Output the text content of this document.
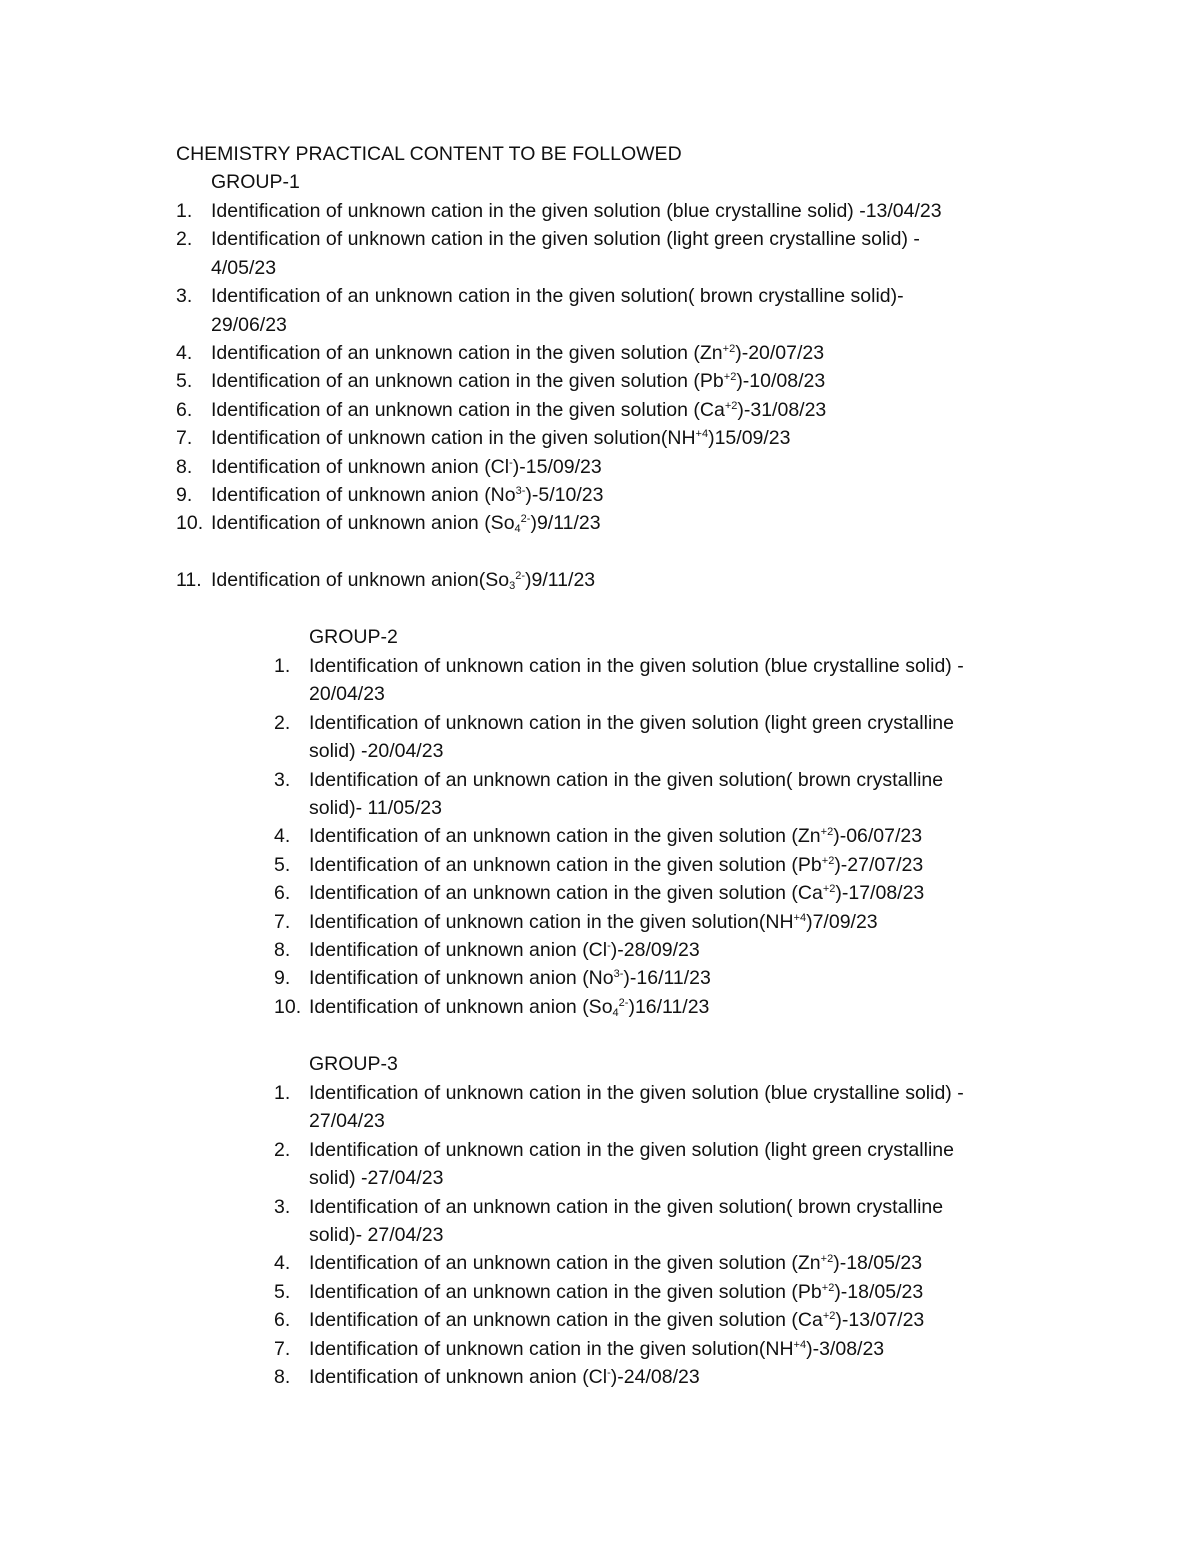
CHEMISTRY PRACTICAL CONTENT TO BE FOLLOWED
GROUP-1
1. Identification of unknown cation in the given solution (blue crystalline solid) -13/04/23
2. Identification of unknown cation in the given solution (light green crystalline solid) -
4/05/23
3. Identification of an unknown cation in the given solution( brown crystalline solid)-
29/06/23
4. Identification of an unknown cation in the given solution $(Zn^{+2})-20/07/23$
5. Identification of an unknown cation in the given solution $(Pb^{+2})-10/08/23$
6. Identification of an unknown cation in the given solution $(Ca^{+2})-31/08/23$
7. Identification of unknown cation in the given $solution(NH^{+4})15/09/23$
8. Identification of unknown anion (Cl-)-15/09/23
9. Identification of unknown anion $(No^{3-})-5/10/23$
10. Identification of unknown anion $(So_4^{2-})9/11/23$
11. Identification of unknown $anion(So_3^{2-})9/11/23$
GROUP-2
1. Identification of unknown cation in the given solution (blue crystalline solid) -
20/04/23
2. Identification of unknown cation in the given solution (light green crystalline
solid) -20/04/23
3. Identification of an unknown cation in the given solution( brown crystalline
solid)- 11/05/23
4. Identification of an unknown cation in the given solution $(Zn^{+2})-06/07/23$
5. Identification of an unknown cation in the given solution $(Pb^{+2})-27/07/23$
6. Identification of an unknown cation in the given solution $(Ca^{+2})-17/08/23$
7. Identification of unknown cation in the given $solution(NH^{+4})7/09/23$
8. Identification of unknown anion (Cl-)-28/09/23
9. Identification of unknown anion $(No^{3-})-16/11/23$
10. Identification of unknown anion $(So_4^{2-})16/11/23$
GROUP-3
1. Identification of unknown cation in the given solution (blue crystalline solid) -
27/04/23
2. Identification of unknown cation in the given solution (light green crystalline
solid) -27/04/23
3. Identification of an unknown cation in the given solution( brown crystalline
solid)- 27/04/23
4. Identification of an unknown cation in the given solution $(Zn^{+2})-18/05/23$
5. Identification of an unknown cation in the given solution $(Pb^{+2})-18/05/23$
6. Identification of an unknown cation in the given solution $(Ca^{+2})-13/07/23$
7. Identification of unknown cation in the given $solution(NH^{+4})-3/08/23$
8. Identification of unknown anion (Cl-)-24/08/23
